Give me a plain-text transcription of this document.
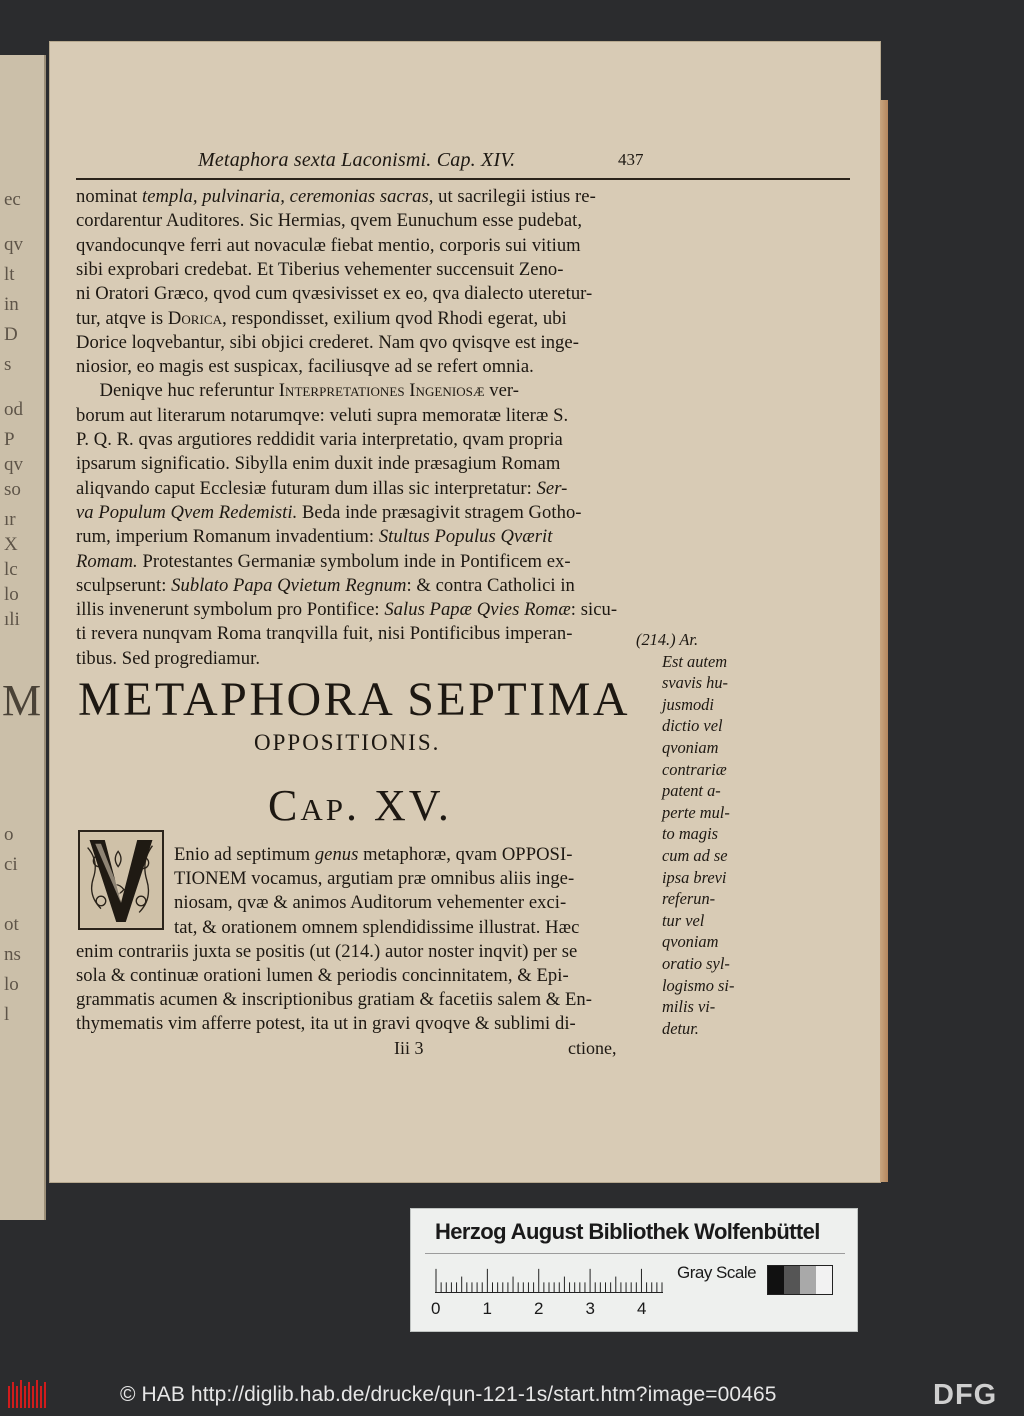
ec
qv
lt
in
D
s
od
P
qv
so
ır
X
lc
lo
ıli
M
o
ci
ot
ns
lo
l
Metaphora sexta Laconismi. Cap. XIV.	437
nominat templa, pulvinaria, ceremonias sacras, ut sacrilegii istius re-
cordarentur Auditores. Sic Hermias, qvem Eunuchum esse pudebat,
qvandocunqve ferri aut novaculæ fiebat mentio, corporis sui vitium
sibi exprobari credebat. Et Tiberius vehementer succensuit Zeno-
ni Oratori Græco, qvod cum qvæsivisset ex eo, qva dialecto uteretur-
tur, atqve is Dorica, respondisset, exilium qvod Rhodi egerat, ubi
Dorice loqvebantur, sibi objici crederet. Nam qvo qvisqve est inge-
niosior, eo magis est suspicax, faciliusqve ad se refert omnia.
Deniqve huc referuntur Interpretationes Ingeniosæ ver-
borum aut literarum notarumqve: veluti supra memoratæ literæ S.
P. Q. R. qvas argutiores reddidit varia interpretatio, qvam propria
ipsarum significatio. Sibylla enim duxit inde præsagium Romam
aliqvando caput Ecclesiæ futuram dum illas sic interpretatur: Ser-
va Populum Qvem Redemisti. Beda inde præsagivit stragem Gotho-
rum, imperium Romanum invadentium: Stultus Populus Qværit
Romam. Protestantes Germaniæ symbolum inde in Pontificem ex-
sculpserunt: Sublato Papa Qvietum Regnum: & contra Catholici in
illis invenerunt symbolum pro Pontifice: Salus Papæ Qvies Romæ: sicu-
ti revera nunqvam Roma tranqvilla fuit, nisi Pontificibus imperan-
tibus. Sed progrediamur.
METAPHORA SEPTIMA
OPPOSITIONIS.
Cap. XV.
Enio ad septimum genus metaphoræ, qvam OPPOSI-
TIONEM vocamus, argutiam præ omnibus aliis inge-
niosam, qvæ & animos Auditorum vehementer exci-
tat, & orationem omnem splendidissime illustrat. Hæc
enim contrariis juxta se positis (ut (214.) autor noster inqvit) per se
sola & continuæ orationi lumen & periodis concinnitatem, & Epi-
grammatis acumen & inscriptionibus gratiam & facetiis salem & En-
thymematis vim afferre potest, ita ut in gravi qvoqve & sublimi di-
Iii 3	ctione,
(214.) Ar.
Est autem
svavis hu-
jusmodi
dictio vel
qvoniam
contrariæ
patent a-
perte mul-
to magis
cum ad se
ipsa brevi
referun-
tur vel
qvoniam
oratio syl-
logismo si-
milis vi-
detur.
Herzog August Bibliothek Wolfenbüttel
0 1 2 3 4
Gray Scale
© HAB http://diglib.hab.de/drucke/qun-121-1s/start.htm?image=00465	DFG
